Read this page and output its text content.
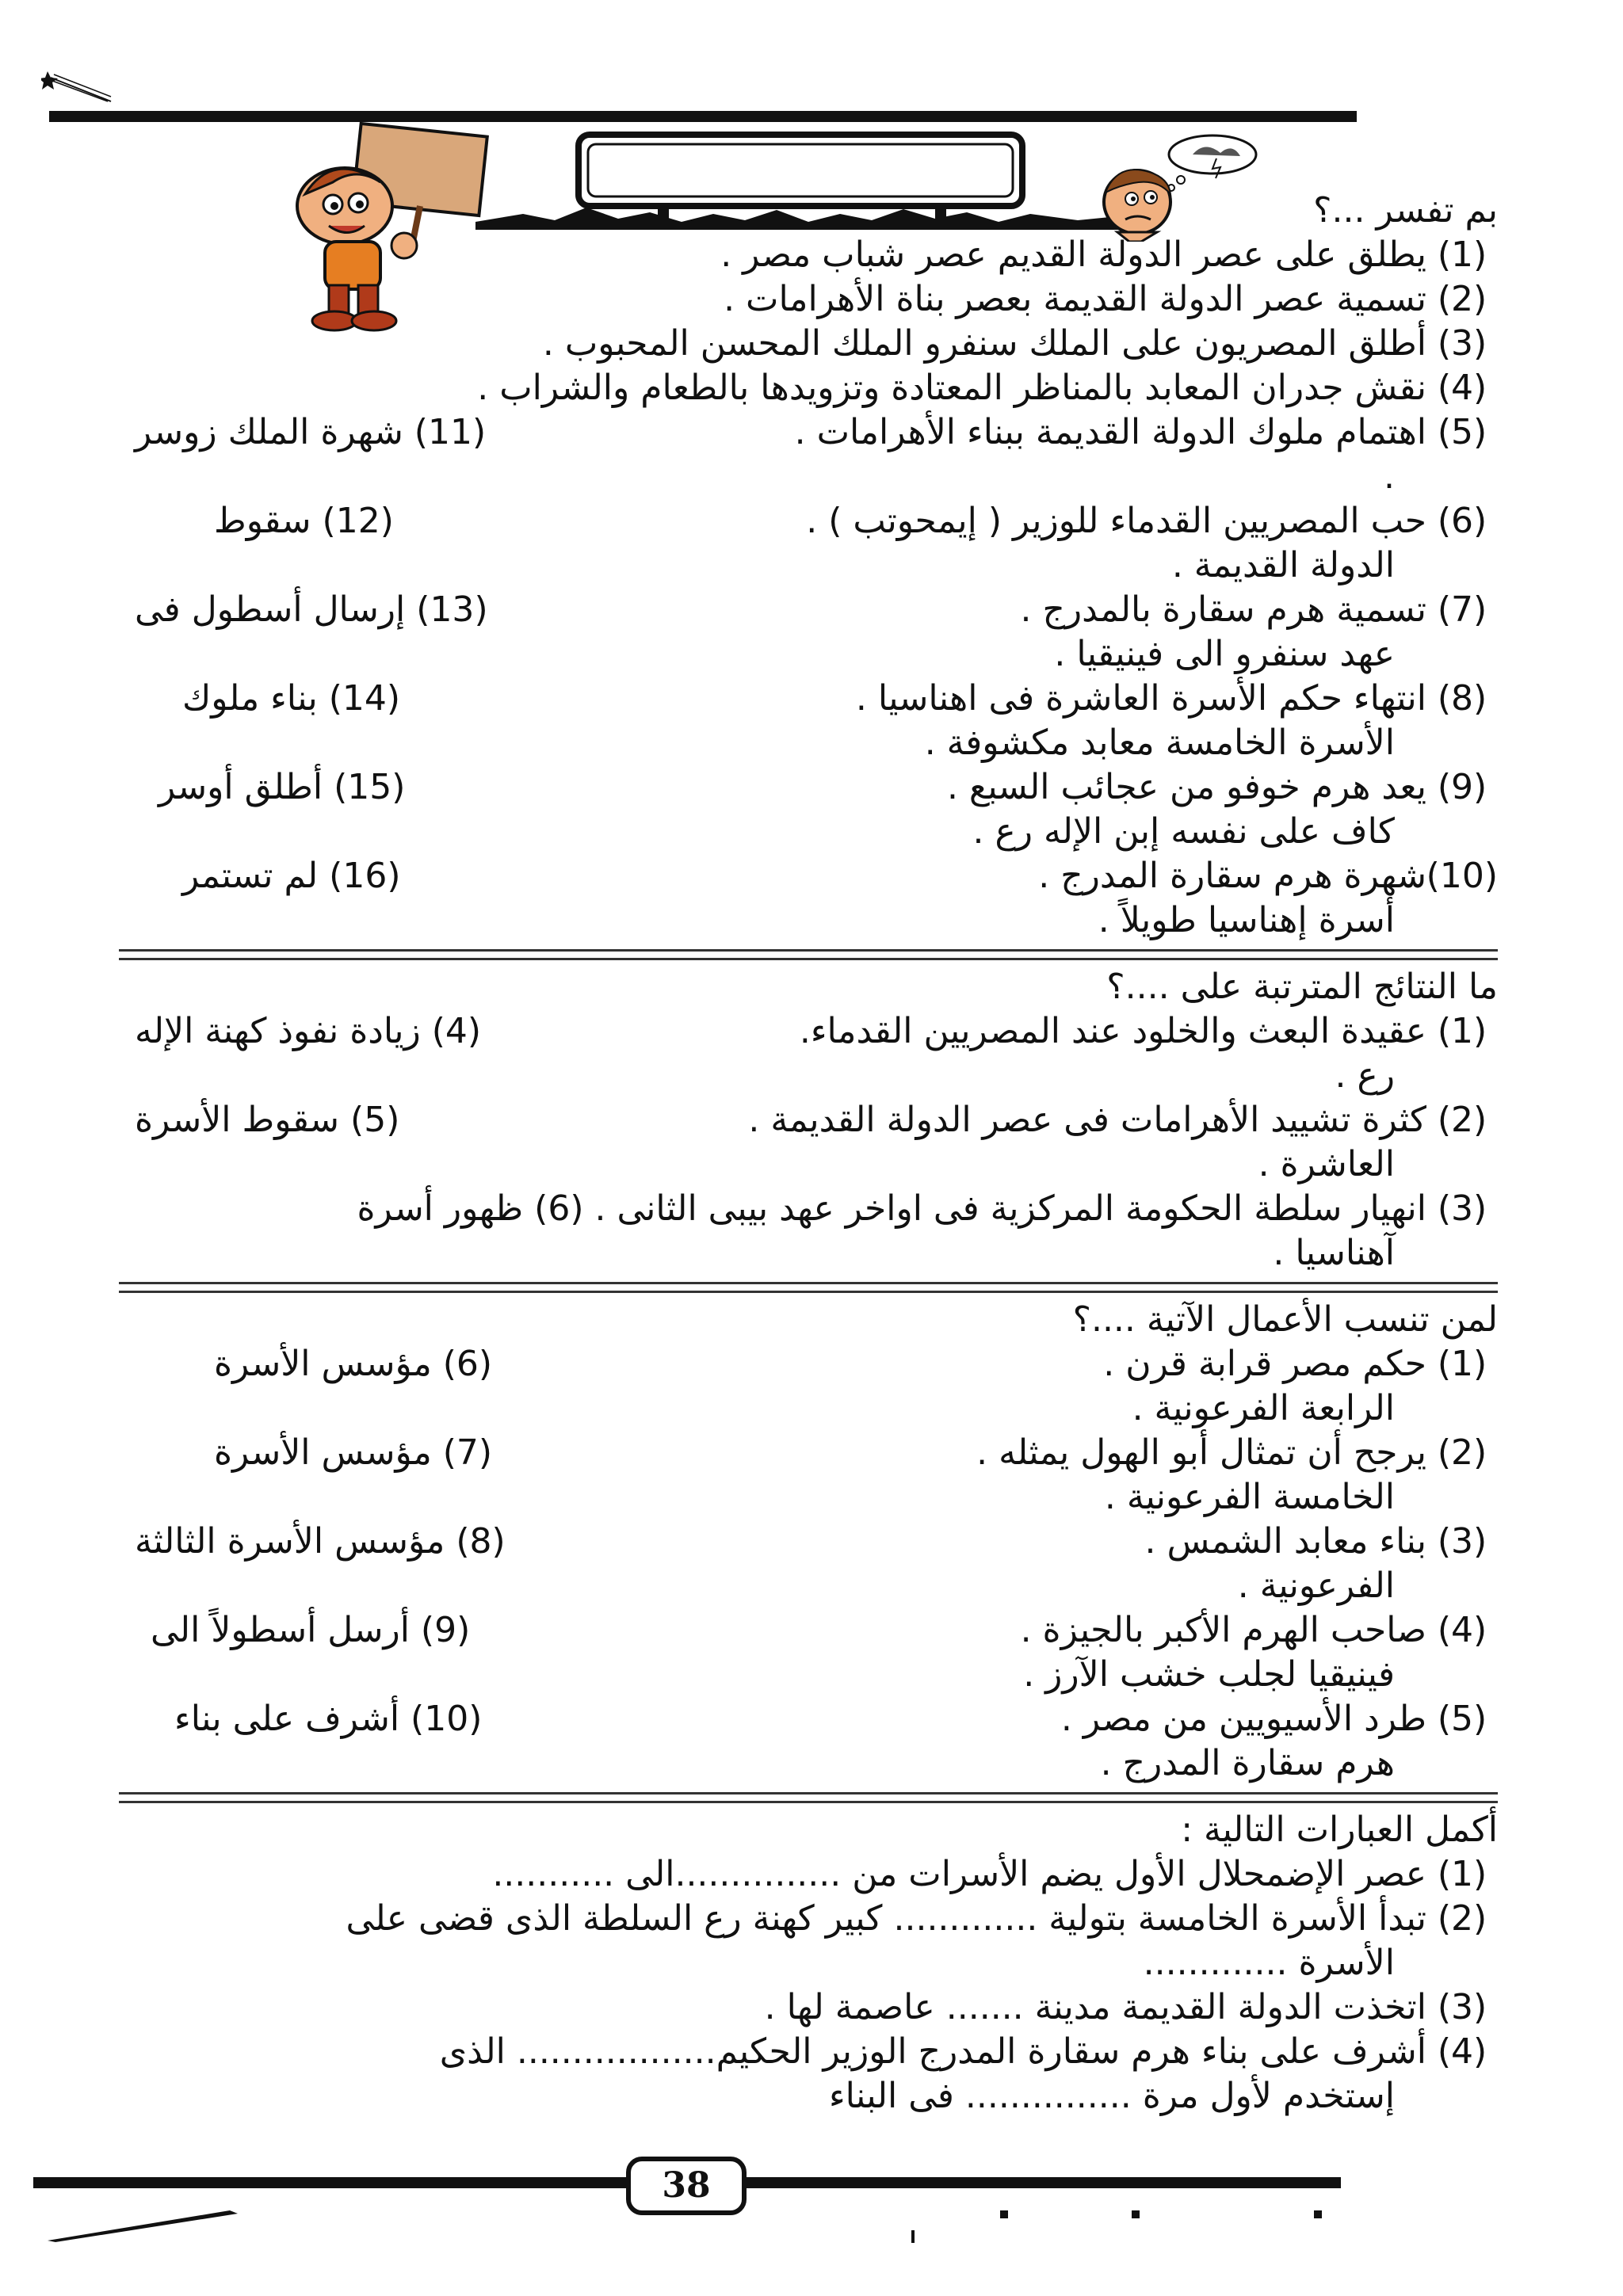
بم تفسر ...؟

(1)يطلق على عصر الدولة القديم عصر شباب مصر .

(2)تسمية عصر الدولة القديمة بعصر بناة الأهرامات .

(3)أطلق المصريون على الملك سنفرو الملك المحسن المحبوب .

(4)نقش جدران المعابد بالمناظر المعتادة وتزويدها بالطعام والشراب .

(5)اهتمام ملوك الدولة القديمة ببناء الأهرامات .
(11) شهرة الملك زوسر

.

(6)حب المصريين القدماء للوزير ( إيمحوتب ) .
(12) سقوط

الدولة القديمة .

(7)تسمية هرم سقارة بالمدرج .
(13) إرسال أسطول فى

عهد سنفرو الى فينيقيا .

(8)انتهاء حكم الأسرة العاشرة فى اهناسيا .
(14) بناء ملوك

الأسرة الخامسة معابد مكشوفة .

(9)يعد هرم خوفو من عجائب السبع .
(15) أطلق أوسر

كاف على نفسه إبن الإله رع .

(10)شهرة هرم سقارة المدرج .
(16) لم تستمر

أسرة إهناسيا طويلاً .

ما النتائج المترتبة على ....؟

(1)عقيدة البعث والخلود عند المصريين القدماء.
(4) زيادة نفوذ كهنة الإله

رع .

(2)كثرة تشييد الأهرامات فى عصر الدولة القديمة .
(5) سقوط الأسرة

العاشرة .

(3)انهيار سلطة الحكومة المركزية فى اواخر عهد بيبى الثانى . (6) ظهور أسرة

آهناسيا .

لمن تنسب الأعمال الآتية ....؟

(1)حكم مصر قرابة قرن .
(6) مؤسس الأسرة

الرابعة الفرعونية .

(2)يرجح أن تمثال أبو الهول يمثله .
(7) مؤسس الأسرة

الخامسة الفرعونية .

(3)بناء معابد الشمس .
(8) مؤسس الأسرة الثالثة

الفرعونية .

(4)صاحب الهرم الأكبر بالجيزة .
(9) أرسل أسطولاً الى

فينيقيا لجلب خشب الآرز .

(5)طرد الأسيويين من مصر .
(10) أشرف على بناء

هرم سقارة المدرج .

أكمل العبارات التالية :

(1)عصر الإضمحلال الأول يضم الأسرات من ...............الى ...........

(2)تبدأ الأسرة الخامسة بتولية ............. كبير كهنة رع السلطة الذى قضى على

الأسرة .............

(3)اتخذت الدولة القديمة مدينة ....... عاصمة لها .

(4)أشرف على بناء هرم سقارة المدرج الوزير الحكيم.................. الذى

إستخدم لأول مرة ............... فى البناء

38
